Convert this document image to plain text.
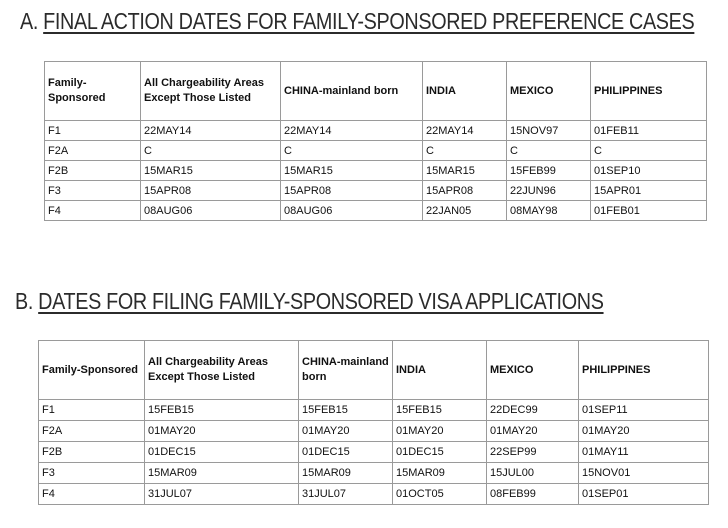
A. FINAL ACTION DATES FOR FAMILY-SPONSORED PREFERENCE CASES
Family-Sponsored	All Chargeability Areas Except Those Listed	CHINA-mainland born	INDIA	MEXICO	PHILIPPINES
F1	22MAY14	22MAY14	22MAY14	15NOV97	01FEB11
F2A	C	C	C	C	C
F2B	15MAR15	15MAR15	15MAR15	15FEB99	01SEP10
F3	15APR08	15APR08	15APR08	22JUN96	15APR01
F4	08AUG06	08AUG06	22JAN05	08MAY98	01FEB01
B. DATES FOR FILING FAMILY-SPONSORED VISA APPLICATIONS
Family-Sponsored	All Chargeability Areas Except Those Listed	CHINA-mainland born	INDIA	MEXICO	PHILIPPINES
F1	15FEB15	15FEB15	15FEB15	22DEC99	01SEP11
F2A	01MAY20	01MAY20	01MAY20	01MAY20	01MAY20
F2B	01DEC15	01DEC15	01DEC15	22SEP99	01MAY11
F3	15MAR09	15MAR09	15MAR09	15JUL00	15NOV01
F4	31JUL07	31JUL07	01OCT05	08FEB99	01SEP01
